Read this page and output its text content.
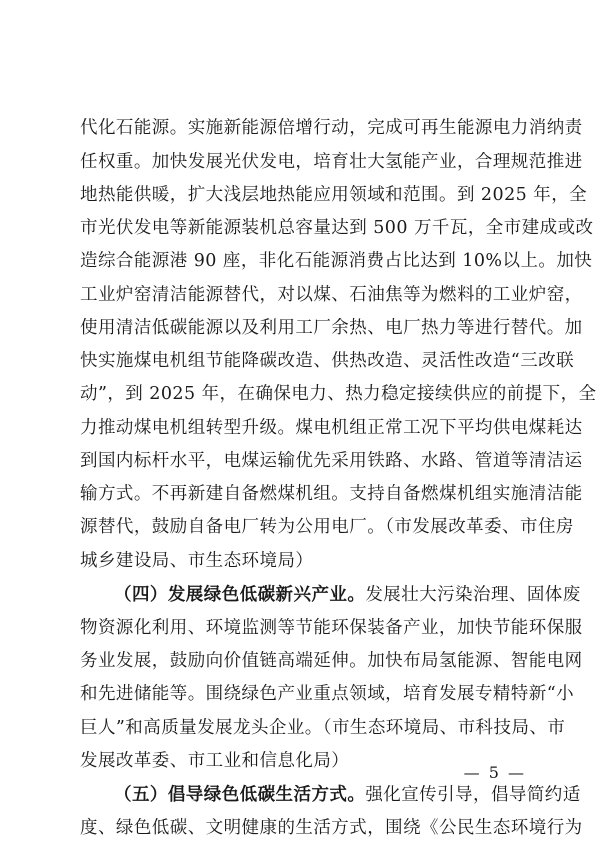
代化石能源。实施新能源倍增行动，完成可再生能源电力消纳责
任权重。加快发展光伏发电，培育壮大氢能产业，合理规范推进
地热能供暖，扩大浅层地热能应用领域和范围。到 2025 年，全
市光伏发电等新能源装机总容量达到 500 万千瓦，全市建成或改
造综合能源港 90 座，非化石能源消费占比达到 10%以上。加快
工业炉窑清洁能源替代，对以煤、石油焦等为燃料的工业炉窑，
使用清洁低碳能源以及利用工厂余热、电厂热力等进行替代。加
快实施煤电机组节能降碳改造、供热改造、灵活性改造“三改联
动”，到 2025 年，在确保电力、热力稳定接续供应的前提下，全
力推动煤电机组转型升级。煤电机组正常工况下平均供电煤耗达
到国内标杆水平，电煤运输优先采用铁路、水路、管道等清洁运
输方式。不再新建自备燃煤机组。支持自备燃煤机组实施清洁能
源替代，鼓励自备电厂转为公用电厂。（市发展改革委、市住房
城乡建设局、市生态环境局）
（四）发展绿色低碳新兴产业。发展壮大污染治理、固体废
物资源化利用、环境监测等节能环保装备产业，加快节能环保服
务业发展，鼓励向价值链高端延伸。加快布局氢能源、智能电网
和先进储能等。围绕绿色产业重点领域，培育发展专精特新“小
巨人”和高质量发展龙头企业。（市生态环境局、市科技局、市
发展改革委、市工业和信息化局）
（五）倡导绿色低碳生活方式。强化宣传引导，倡导简约适
度、绿色低碳、文明健康的生活方式，围绕《公民生态环境行为
— 5 —
